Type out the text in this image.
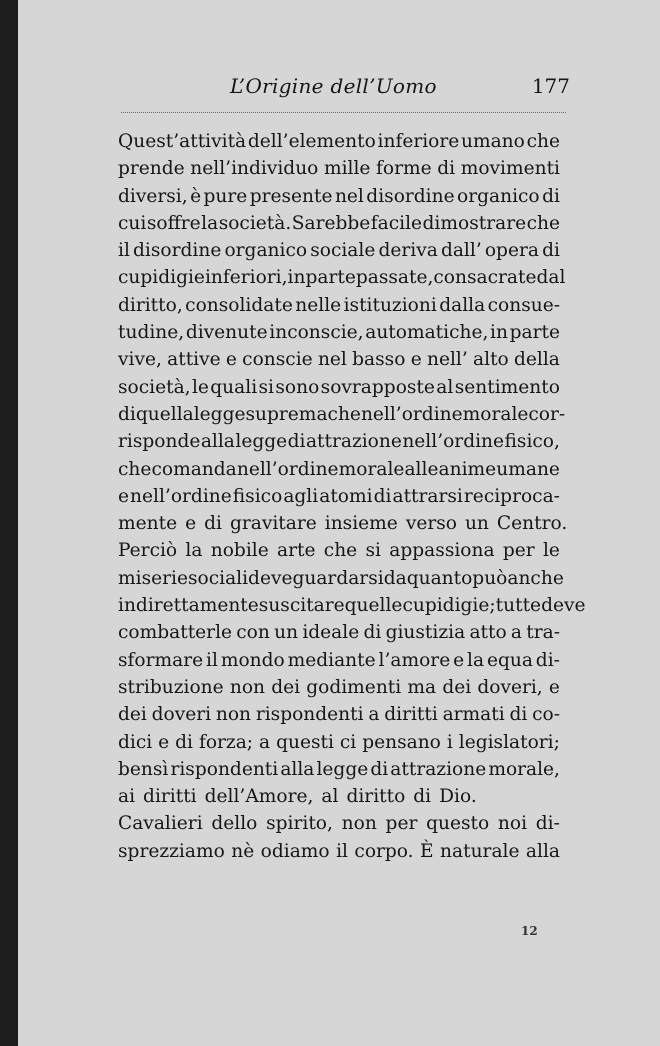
L’Origine dell’Uomo	177
Quest’attività dell’elemento inferiore umano che
prende nell’individuo mille forme di movimenti
diversi, è pure presente nel disordine organico di
cui soffre la società. Sarebbe facile dimostrare che
il disordine organico sociale deriva dall’ opera di
cupidigie inferiori, in parte passate, consacrate dal
diritto, consolidate nelle istituzioni dalla consue-
tudine, divenute inconscie, automatiche, in parte
vive, attive e conscie nel basso e nell’ alto della
società, le quali si sono sovrapposte al sentimento
di quella legge suprema che nell’ordine morale cor-
risponde alla legge di attrazione nell’ordine fisico,
che comanda nell’ordine morale alle anime umane
e nell’ordine fisico agli atomi di attrarsi reciproca-
mente e di gravitare insieme verso un Centro.
Perciò la nobile arte che si appassiona per le
miserie sociali deve guardarsi da quanto può anche
indirettamente suscitare quelle cupidigie; tutte deve
combatterle con un ideale di giustizia atto a tra-
sformare il mondo mediante l’amore e la equa di-
stribuzione non dei godimenti ma dei doveri, e
dei doveri non rispondenti a diritti armati di co-
dici e di forza; a questi ci pensano i legislatori;
bensì rispondenti alla legge di attrazione morale,
ai diritti dell’Amore, al diritto di Dio.
Cavalieri dello spirito, non per questo noi di-
sprezziamo nè odiamo il corpo. È naturale alla
12
